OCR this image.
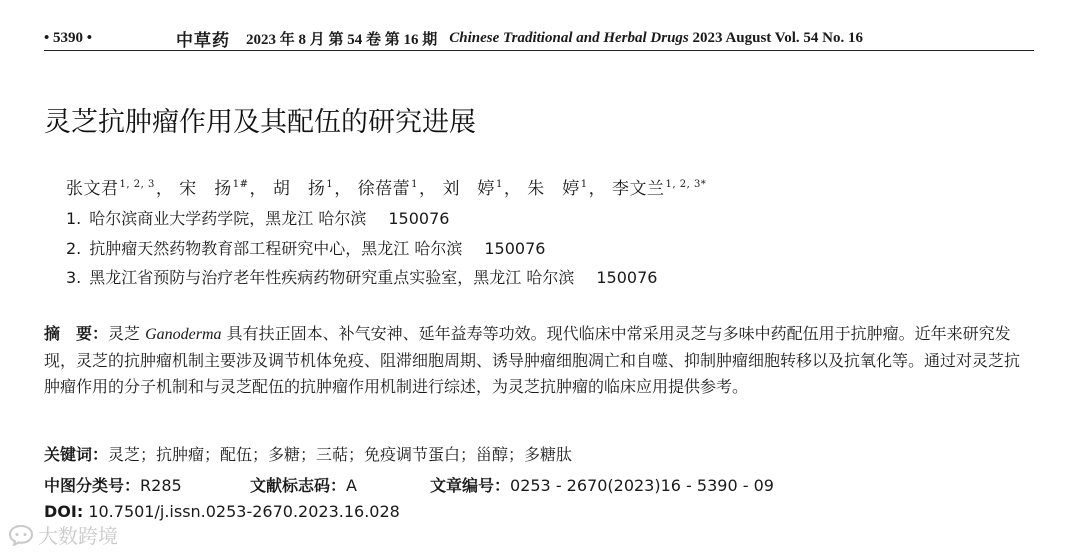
• 5390 •	中草药 2023 年 8 月 第 54 卷 第 16 期 Chinese Traditional and Herbal Drugs 2023 August Vol. 54 No. 16
灵芝抗肿瘤作用及其配伍的研究进展
张文君$^{1, 2, 3}$， 宋　扬$^{1\#}$， 胡　扬$^1$， 徐蓓蕾$^1$， 刘　婷$^1$， 朱　婷$^1$， 李文兰$^{1, 2, 3*}$
1. 哈尔滨商业大学药学院，黑龙江 哈尔滨 150076
2. 抗肿瘤天然药物教育部工程研究中心，黑龙江 哈尔滨 150076
3. 黑龙江省预防与治疗老年性疾病药物研究重点实验室，黑龙江 哈尔滨 150076
摘　要：灵芝 Ganoderma 具有扶正固本、补气安神、延年益寿等功效。现代临床中常采用灵芝与多味中药配伍用于抗肿瘤。近年来研究发现，灵芝的抗肿瘤机制主要涉及调节机体免疫、阻滞细胞周期、诱导肿瘤细胞凋亡和自噬、抑制肿瘤细胞转移以及抗氧化等。通过对灵芝抗肿瘤作用的分子机制和与灵芝配伍的抗肿瘤作用机制进行综述，为灵芝抗肿瘤的临床应用提供参考。
关键词：灵芝；抗肿瘤；配伍；多糖；三萜；免疫调节蛋白；甾醇；多糖肽
中图分类号：R285	文献标志码：A	文章编号：0253 - 2670(2023)16 - 5390 - 09
DOI: 10.7501/j.issn.0253-2670.2023.16.028
大数跨境
